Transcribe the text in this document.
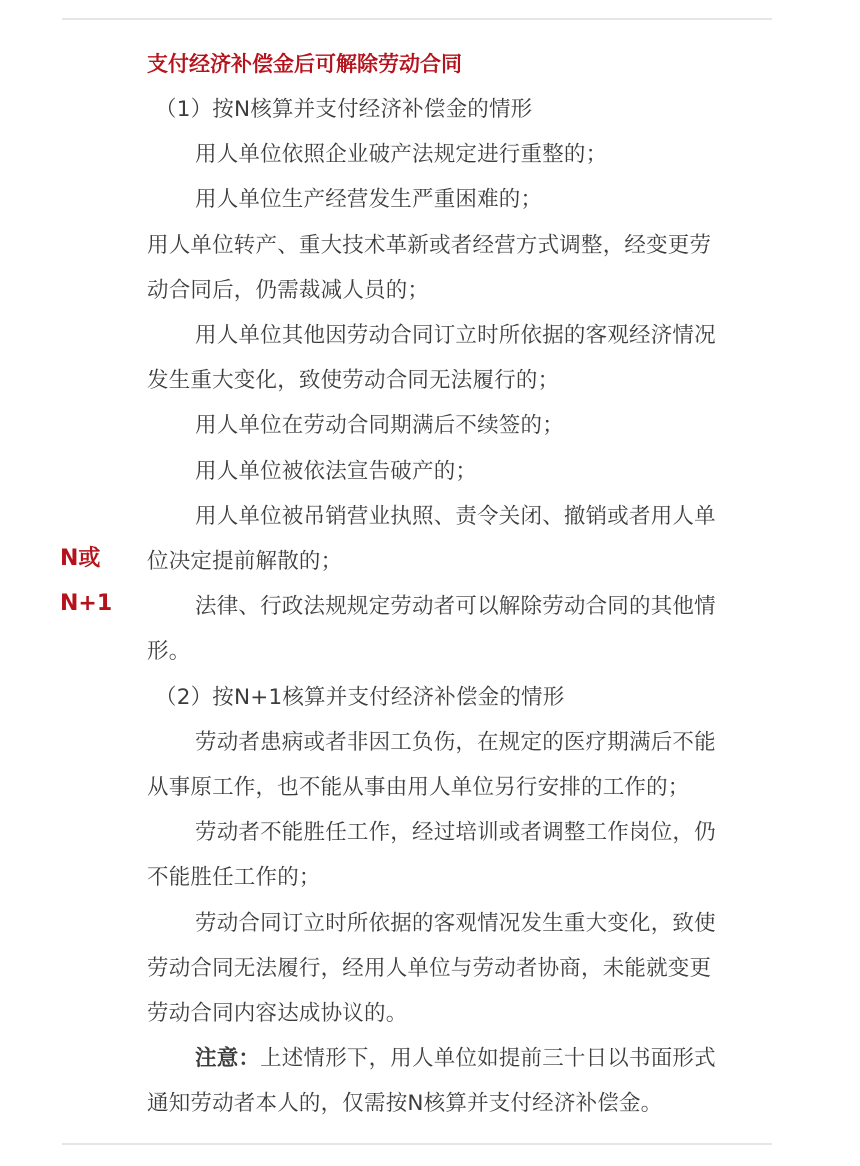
N或
N+1
支付经济补偿金后可解除劳动合同
（1）按N核算并支付经济补偿金的情形
用人单位依照企业破产法规定进行重整的；
用人单位生产经营发生严重困难的；
用人单位转产、重大技术革新或者经营方式调整，经变更劳
动合同后，仍需裁减人员的；
用人单位其他因劳动合同订立时所依据的客观经济情况
发生重大变化，致使劳动合同无法履行的；
用人单位在劳动合同期满后不续签的；
用人单位被依法宣告破产的；
用人单位被吊销营业执照、责令关闭、撤销或者用人单
位决定提前解散的；
法律、行政法规规定劳动者可以解除劳动合同的其他情
形。
（2）按N+1核算并支付经济补偿金的情形
劳动者患病或者非因工负伤，在规定的医疗期满后不能
从事原工作，也不能从事由用人单位另行安排的工作的；
劳动者不能胜任工作，经过培训或者调整工作岗位，仍
不能胜任工作的；
劳动合同订立时所依据的客观情况发生重大变化，致使
劳动合同无法履行，经用人单位与劳动者协商，未能就变更
劳动合同内容达成协议的。
注意：上述情形下，用人单位如提前三十日以书面形式
通知劳动者本人的，仅需按N核算并支付经济补偿金。
